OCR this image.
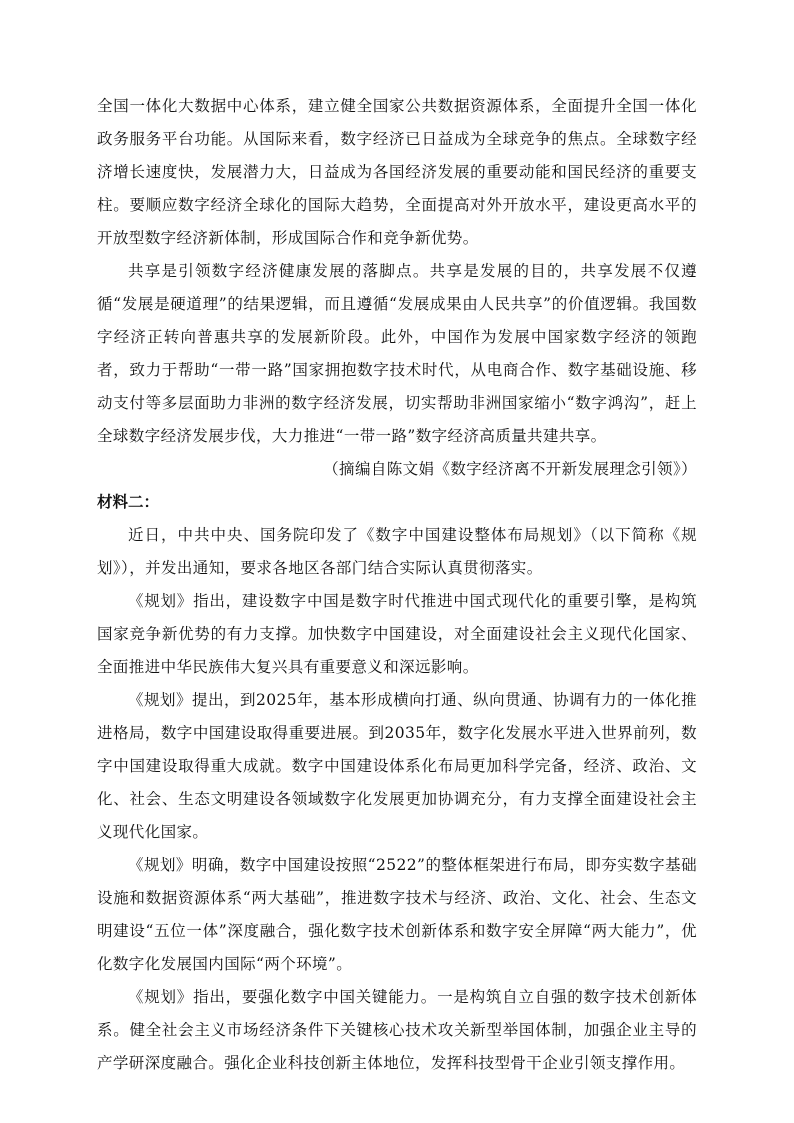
全国一体化大数据中心体系，建立健全国家公共数据资源体系，全面提升全国一体化政务服务平台功能。从国际来看，数字经济已日益成为全球竞争的焦点。全球数字经济增长速度快，发展潜力大，日益成为各国经济发展的重要动能和国民经济的重要支柱。要顺应数字经济全球化的国际大趋势，全面提高对外开放水平，建设更高水平的开放型数字经济新体制，形成国际合作和竞争新优势。

共享是引领数字经济健康发展的落脚点。共享是发展的目的，共享发展不仅遵循“发展是硬道理”的结果逻辑，而且遵循“发展成果由人民共享”的价值逻辑。我国数字经济正转向普惠共享的发展新阶段。此外，中国作为发展中国家数字经济的领跑者，致力于帮助“一带一路”国家拥抱数字技术时代，从电商合作、数字基础设施、移动支付等多层面助力非洲的数字经济发展，切实帮助非洲国家缩小“数字鸿沟”，赶上全球数字经济发展步伐，大力推进“一带一路”数字经济高质量共建共享。

（摘编自陈文娟《数字经济离不开新发展理念引领》）

材料二：

近日，中共中央、国务院印发了《数字中国建设整体布局规划》（以下简称《规划》），并发出通知，要求各地区各部门结合实际认真贯彻落实。

《规划》指出，建设数字中国是数字时代推进中国式现代化的重要引擎，是构筑国家竞争新优势的有力支撑。加快数字中国建设，对全面建设社会主义现代化国家、全面推进中华民族伟大复兴具有重要意义和深远影响。

《规划》提出，到2025年，基本形成横向打通、纵向贯通、协调有力的一体化推进格局，数字中国建设取得重要进展。到2035年，数字化发展水平进入世界前列，数字中国建设取得重大成就。数字中国建设体系化布局更加科学完备，经济、政治、文化、社会、生态文明建设各领域数字化发展更加协调充分，有力支撑全面建设社会主义现代化国家。

《规划》明确，数字中国建设按照“2522”的整体框架进行布局，即夯实数字基础设施和数据资源体系“两大基础”，推进数字技术与经济、政治、文化、社会、生态文明建设“五位一体”深度融合，强化数字技术创新体系和数字安全屏障“两大能力”，优化数字化发展国内国际“两个环境”。

《规划》指出，要强化数字中国关键能力。一是构筑自立自强的数字技术创新体系。健全社会主义市场经济条件下关键核心技术攻关新型举国体制，加强企业主导的产学研深度融合。强化企业科技创新主体地位，发挥科技型骨干企业引领支撑作用。
